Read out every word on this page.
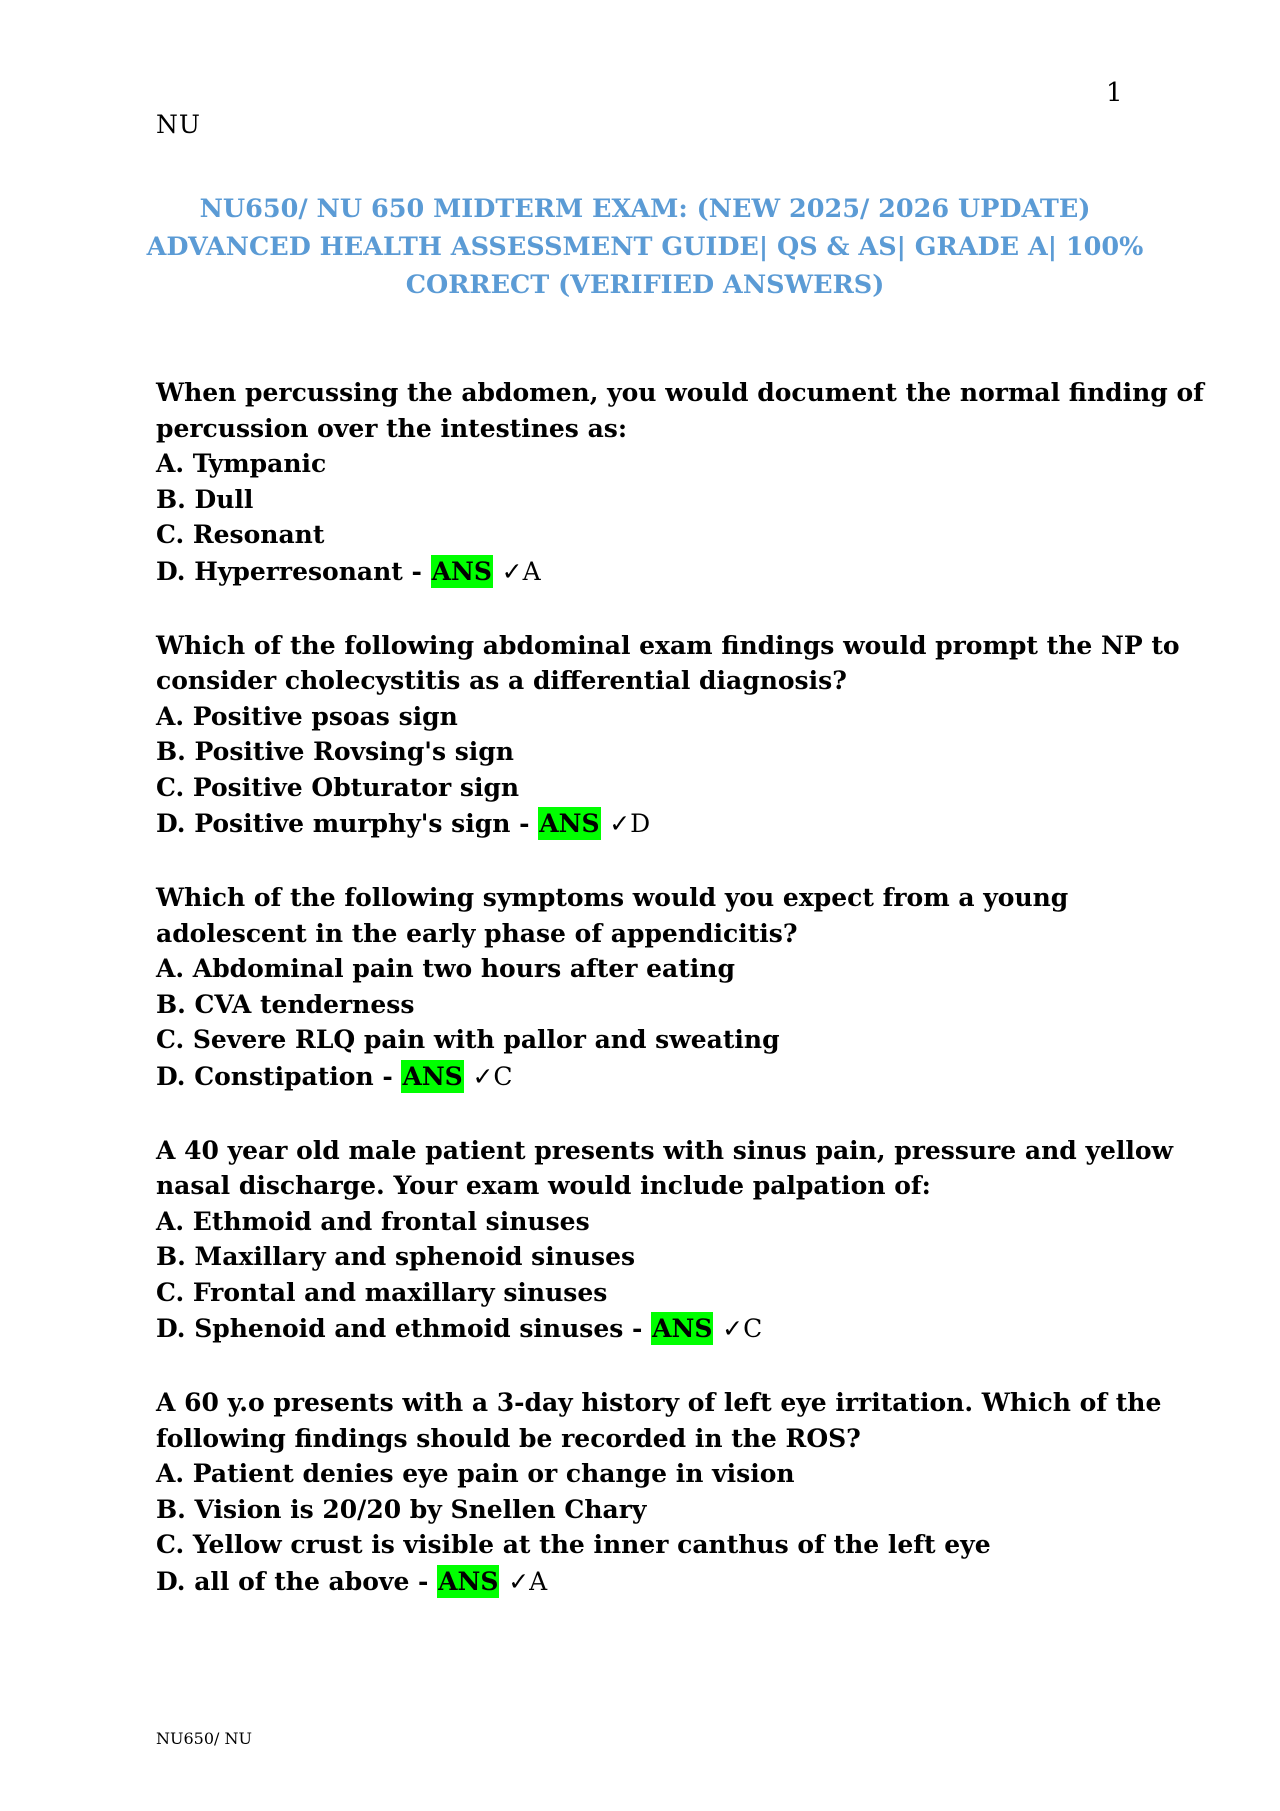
1
NU
NU650/ NU 650 MIDTERM EXAM: (NEW 2025/ 2026 UPDATE)
ADVANCED HEALTH ASSESSMENT GUIDE| QS & AS| GRADE A| 100%
CORRECT (VERIFIED ANSWERS)
When percussing the abdomen, you would document the normal finding of
percussion over the intestines as:
A. Tympanic
B. Dull
C. Resonant
D. Hyperresonant - ANS ✓A
Which of the following abdominal exam findings would prompt the NP to
consider cholecystitis as a differential diagnosis?
A. Positive psoas sign
B. Positive Rovsing's sign
C. Positive Obturator sign
D. Positive murphy's sign - ANS ✓D
Which of the following symptoms would you expect from a young
adolescent in the early phase of appendicitis?
A. Abdominal pain two hours after eating
B. CVA tenderness
C. Severe RLQ pain with pallor and sweating
D. Constipation - ANS ✓C
A 40 year old male patient presents with sinus pain, pressure and yellow
nasal discharge. Your exam would include palpation of:
A. Ethmoid and frontal sinuses
B. Maxillary and sphenoid sinuses
C. Frontal and maxillary sinuses
D. Sphenoid and ethmoid sinuses - ANS ✓C
A 60 y.o presents with a 3-day history of left eye irritation. Which of the
following findings should be recorded in the ROS?
A. Patient denies eye pain or change in vision
B. Vision is 20/20 by Snellen Chary
C. Yellow crust is visible at the inner canthus of the left eye
D. all of the above - ANS ✓A
NU650/ NU
